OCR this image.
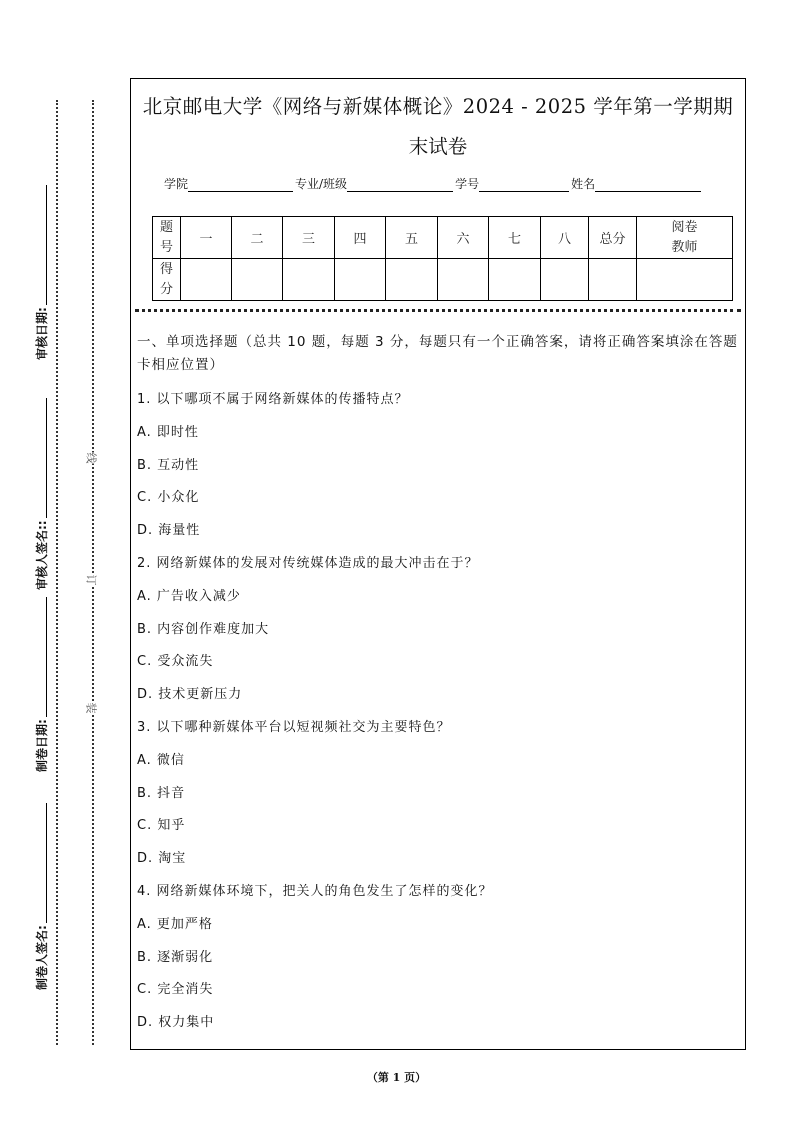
装
订
线
制卷人签名:
制卷日期:
审核人签名::
审核日期:
北京邮电大学《网络与新媒体概论》2024 - 2025 学年第一学期期
末试卷
学院	专业/班级	学号	姓名
题
号	一	二	三	四	五	六	七	八	总分	阅卷
教师
得
分										
一、单项选择题（总共 10 题，每题 3 分，每题只有一个正确答案，请将正确答案填涂在答题卡相应位置）
1. 以下哪项不属于网络新媒体的传播特点？
A. 即时性
B. 互动性
C. 小众化
D. 海量性
2. 网络新媒体的发展对传统媒体造成的最大冲击在于？
A. 广告收入减少
B. 内容创作难度加大
C. 受众流失
D. 技术更新压力
3. 以下哪种新媒体平台以短视频社交为主要特色？
A. 微信
B. 抖音
C. 知乎
D. 淘宝
4. 网络新媒体环境下，把关人的角色发生了怎样的变化？
A. 更加严格
B. 逐渐弱化
C. 完全消失
D. 权力集中
（第 1 页）
